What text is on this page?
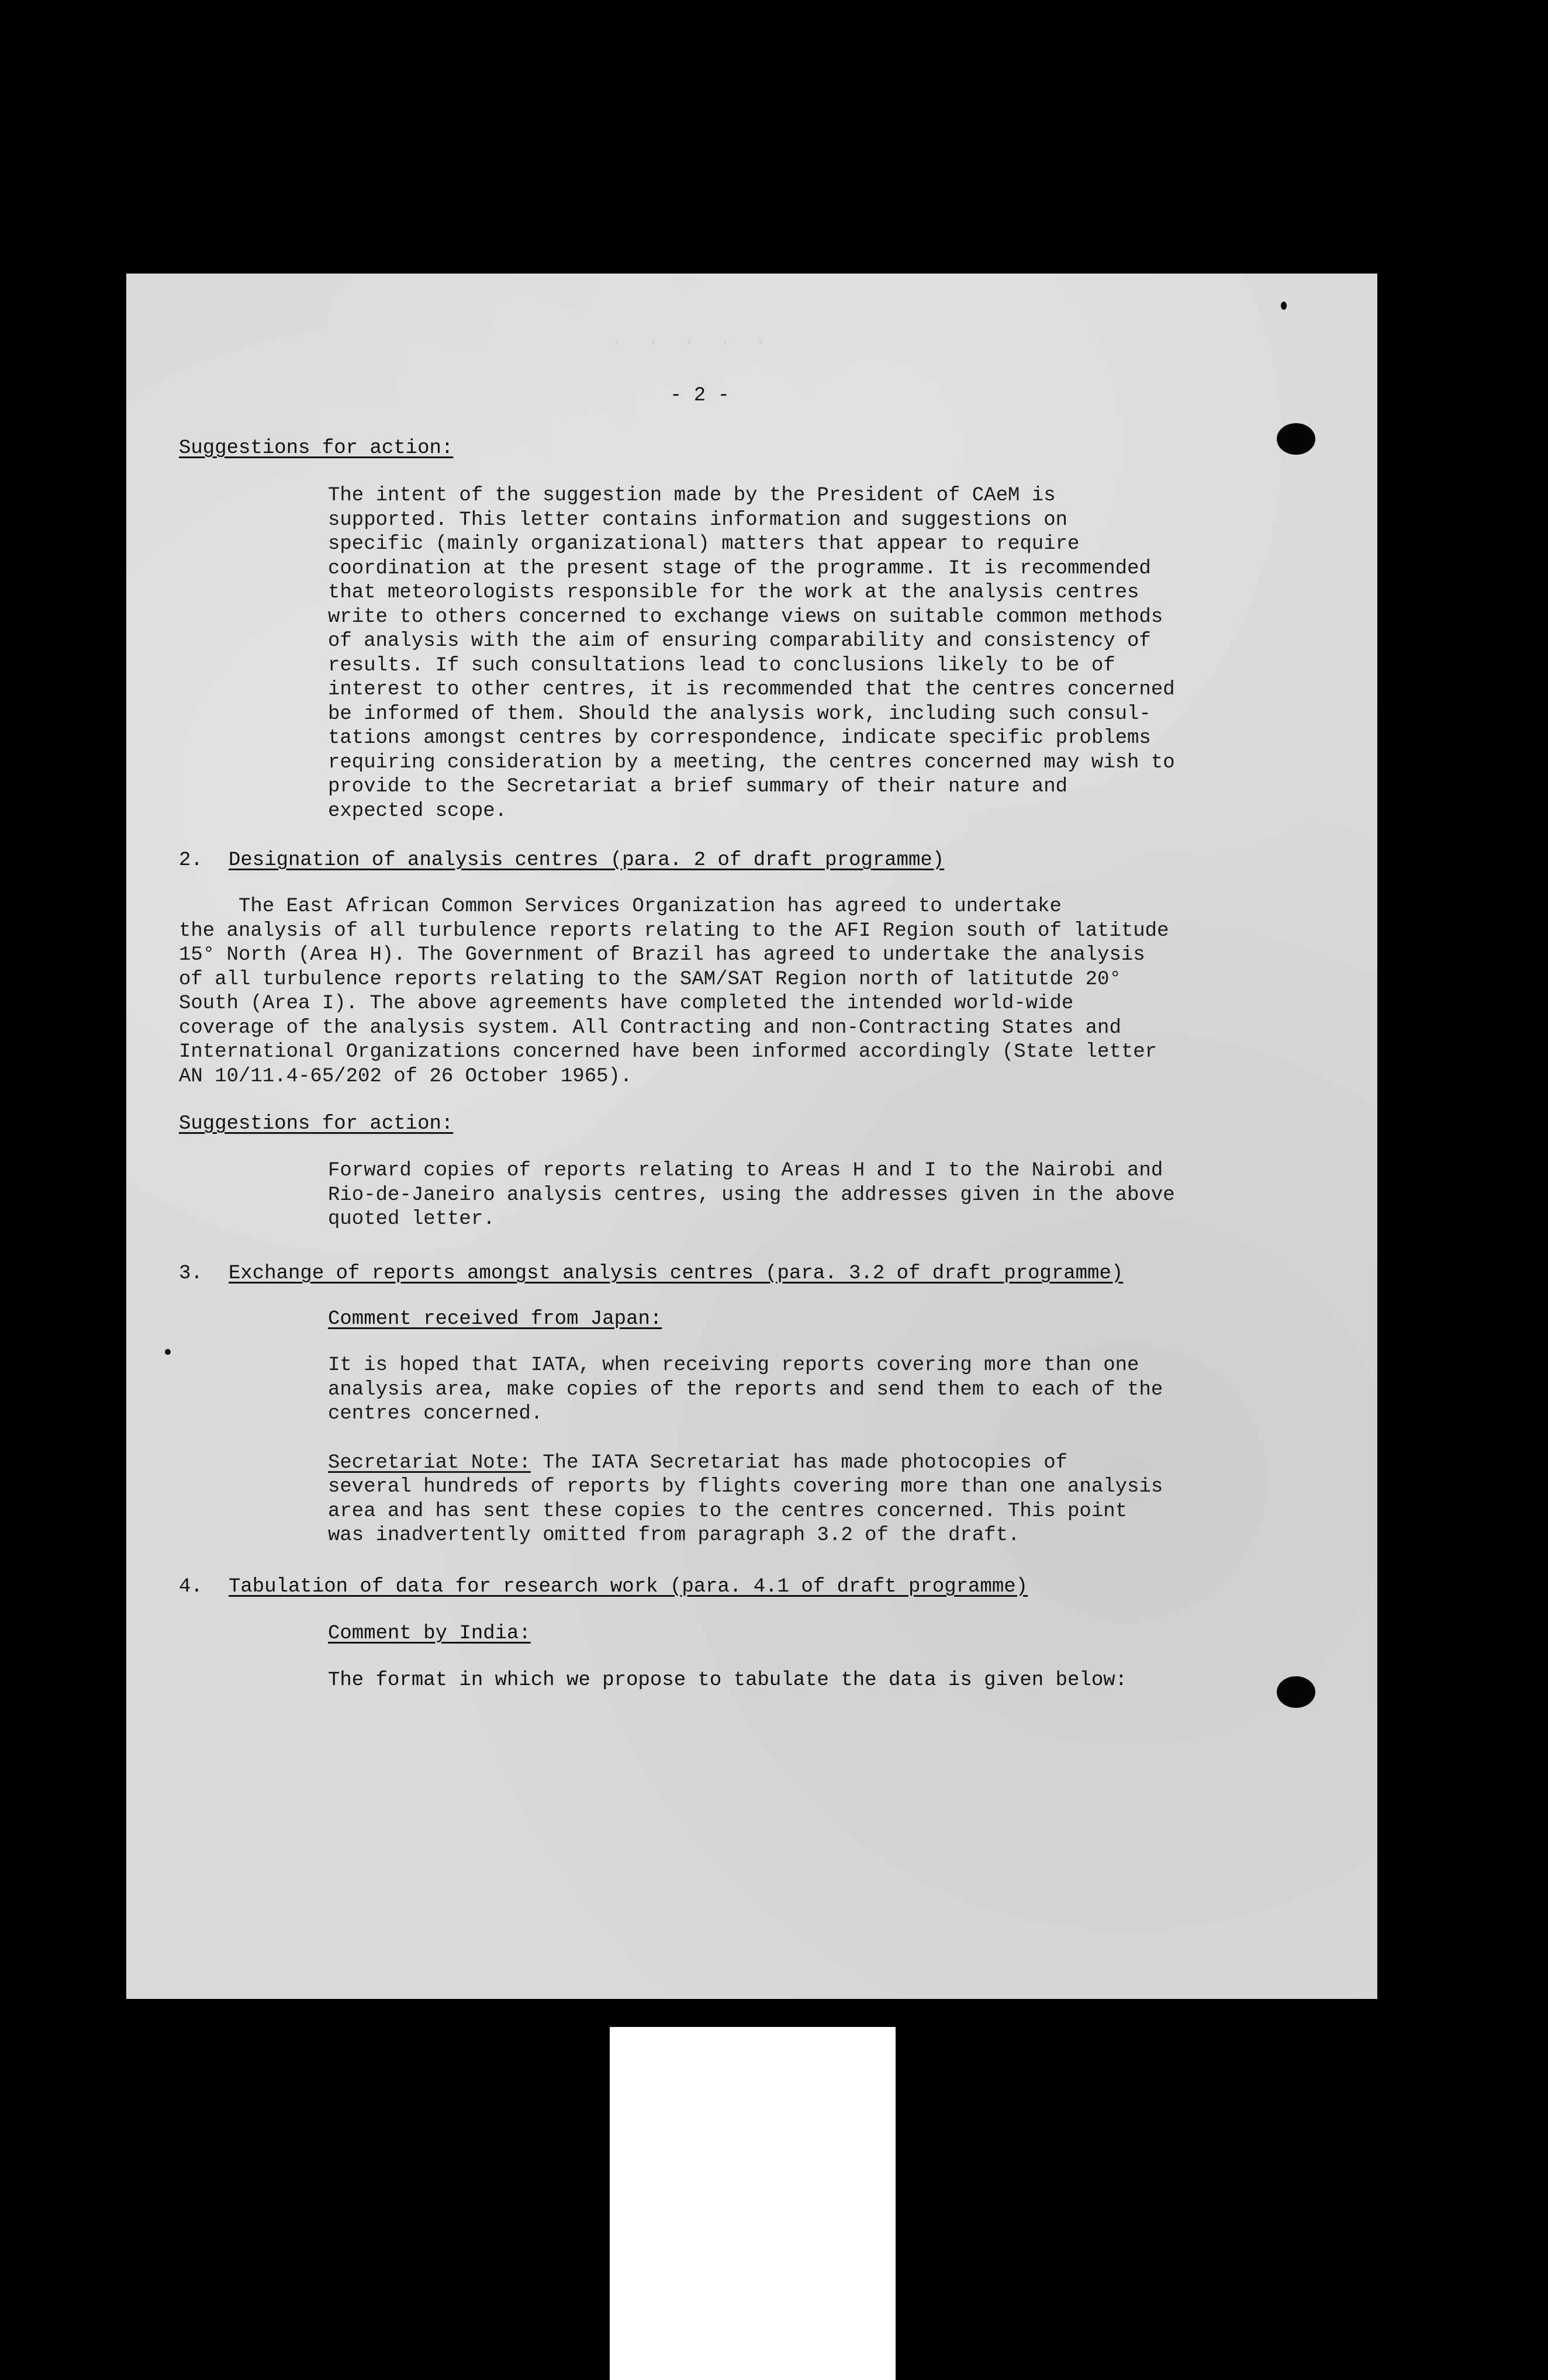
·  ·  ·  ·  ·
- 2 -
Suggestions for action:
The intent of the suggestion made by the President of CAeM is
supported. This letter contains information and suggestions on
specific (mainly organizational) matters that appear to require
coordination at the present stage of the programme. It is recommended
that meteorologists responsible for the work at the analysis centres
write to others concerned to exchange views on suitable common methods
of analysis with the aim of ensuring comparability and consistency of
results. If such consultations lead to conclusions likely to be of
interest to other centres, it is recommended that the centres concerned
be informed of them. Should the analysis work, including such consul-
tations amongst centres by correspondence, indicate specific problems
requiring consideration by a meeting, the centres concerned may wish to
provide to the Secretariat a brief summary of their nature and
expected scope.
2. Designation of analysis centres (para. 2 of draft programme)
The East African Common Services Organization has agreed to undertake
the analysis of all turbulence reports relating to the AFI Region south of latitude
15° North (Area H). The Government of Brazil has agreed to undertake the analysis
of all turbulence reports relating to the SAM/SAT Region north of latitutde 20°
South (Area I). The above agreements have completed the intended world-wide
coverage of the analysis system. All Contracting and non-Contracting States and
International Organizations concerned have been informed accordingly (State letter
AN 10/11.4-65/202 of 26 October 1965).
Suggestions for action:
Forward copies of reports relating to Areas H and I to the Nairobi and
Rio-de-Janeiro analysis centres, using the addresses given in the above
quoted letter.
3. Exchange of reports amongst analysis centres (para. 3.2 of draft programme)
Comment received from Japan:
It is hoped that IATA, when receiving reports covering more than one
analysis area, make copies of the reports and send them to each of the
centres concerned.
Secretariat Note: The IATA Secretariat has made photocopies of
several hundreds of reports by flights covering more than one analysis
area and has sent these copies to the centres concerned. This point
was inadvertently omitted from paragraph 3.2 of the draft.
4. Tabulation of data for research work (para. 4.1 of draft programme)
Comment by India:
The format in which we propose to tabulate the data is given below:
